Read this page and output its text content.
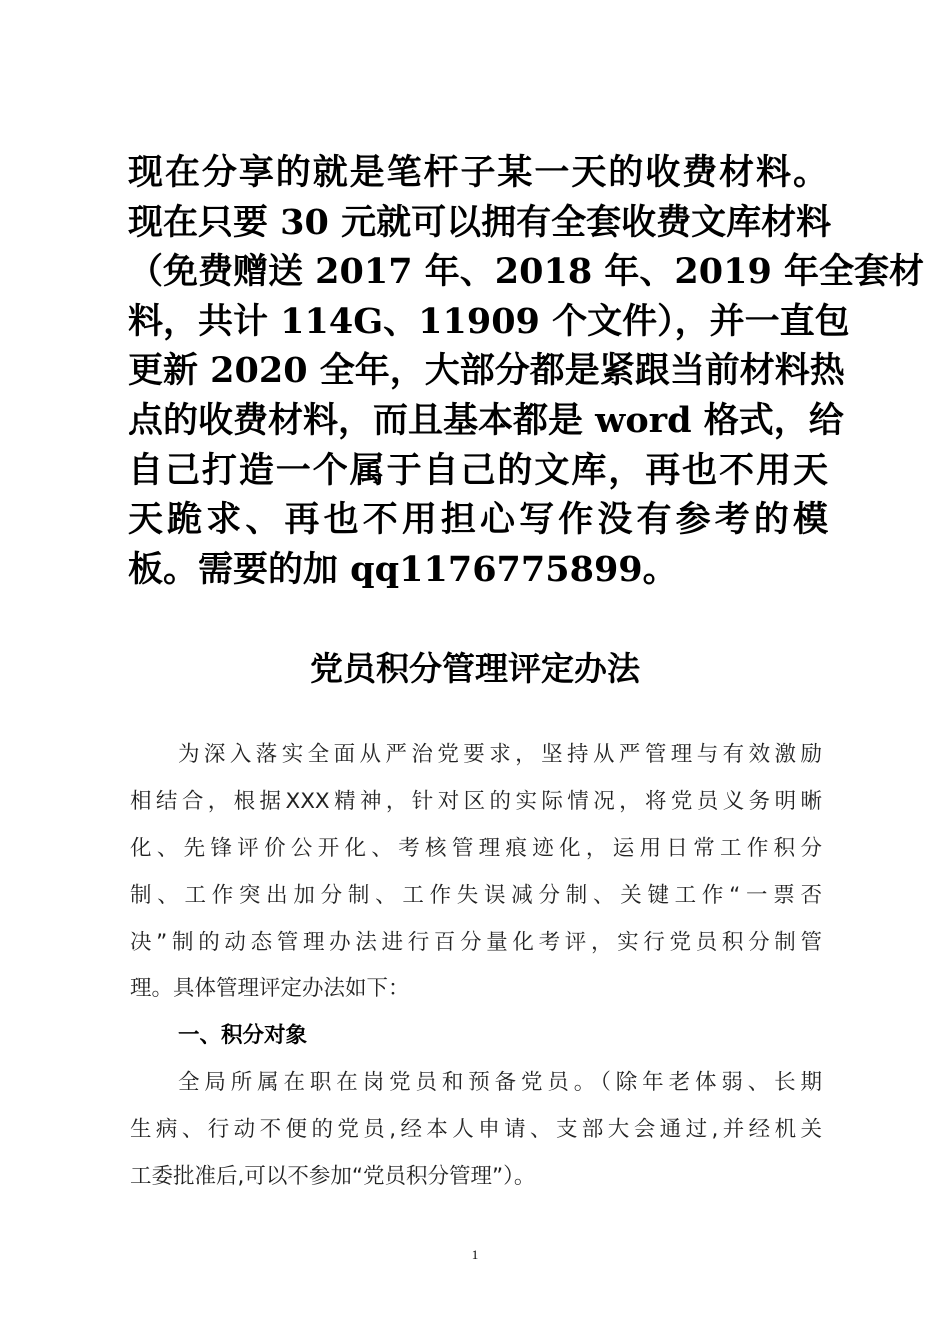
现在分享的就是笔杆子某一天的收费材料。
现在只要 30 元就可以拥有全套收费文库材料
（免费赠送 2017 年、2018 年、2019 年全套材
料，共计 114G、11909 个文件），并一直包
更新 2020 全年，大部分都是紧跟当前材料热
点的收费材料，而且基本都是 word 格式，给
自己打造一个属于自己的文库，再也不用天
天跪求、再也不用担心写作没有参考的模
板。需要的加 qq1176775899。
党员积分管理评定办法
为深入落实全面从严治党要求，坚持从严管理与有效激励
相结合，根据XXX精神，针对区的实际情况，将党员义务明晰
化、先锋评价公开化、考核管理痕迹化，运用日常工作积分
制、工作突出加分制、工作失误减分制、关键工作“一票否
决”制的动态管理办法进行百分量化考评，实行党员积分制管
理。具体管理评定办法如下：
一、积分对象
全局所属在职在岗党员和预备党员。（除年老体弱、长期
生病、行动不便的党员,经本人申请、支部大会通过,并经机关
工委批准后,可以不参加“党员积分管理”）。
1
